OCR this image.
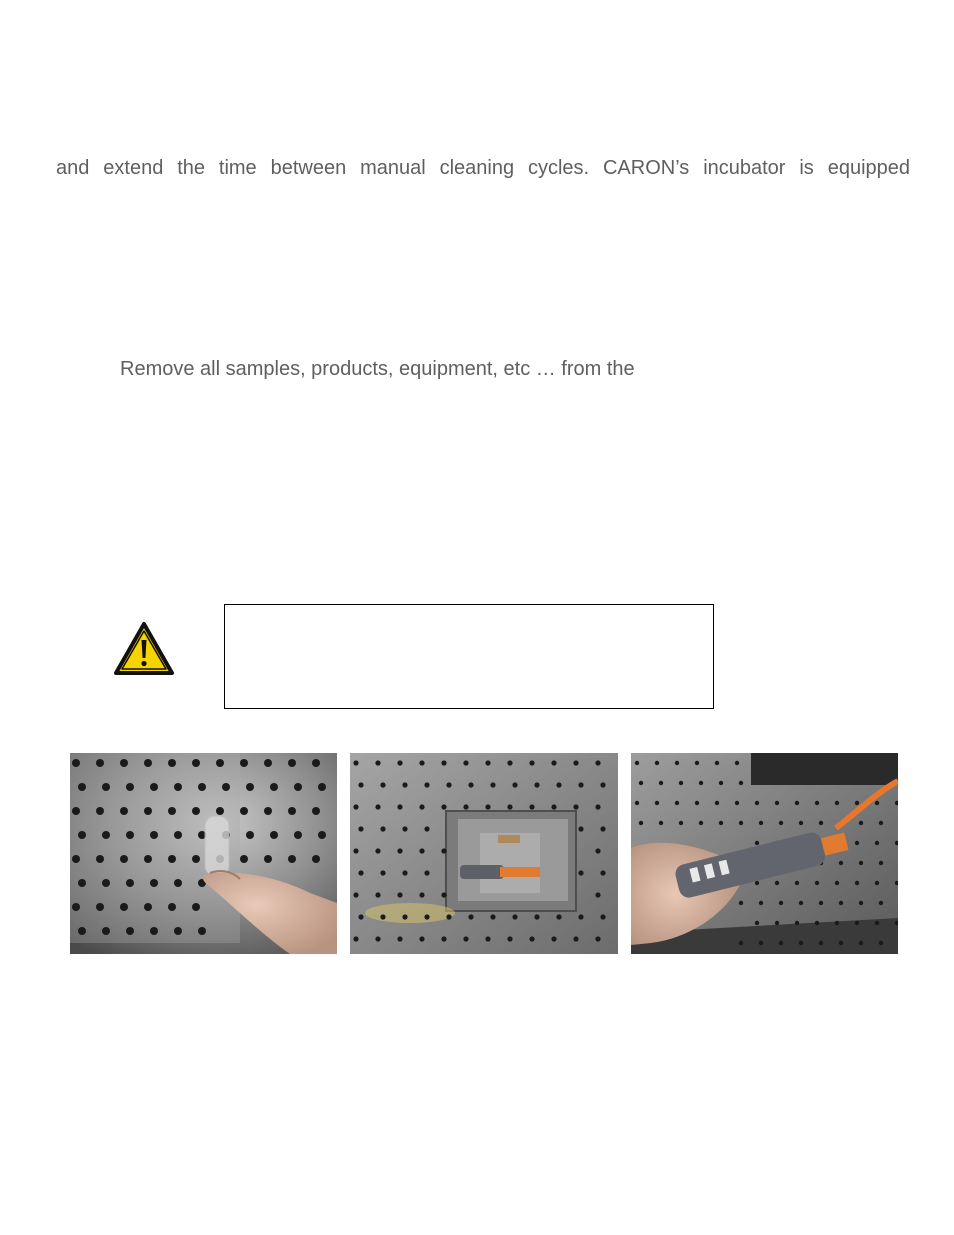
and extend the time between manual cleaning cycles. CARON’s incubator is equipped
Remove all samples, products, equipment, etc … from the
